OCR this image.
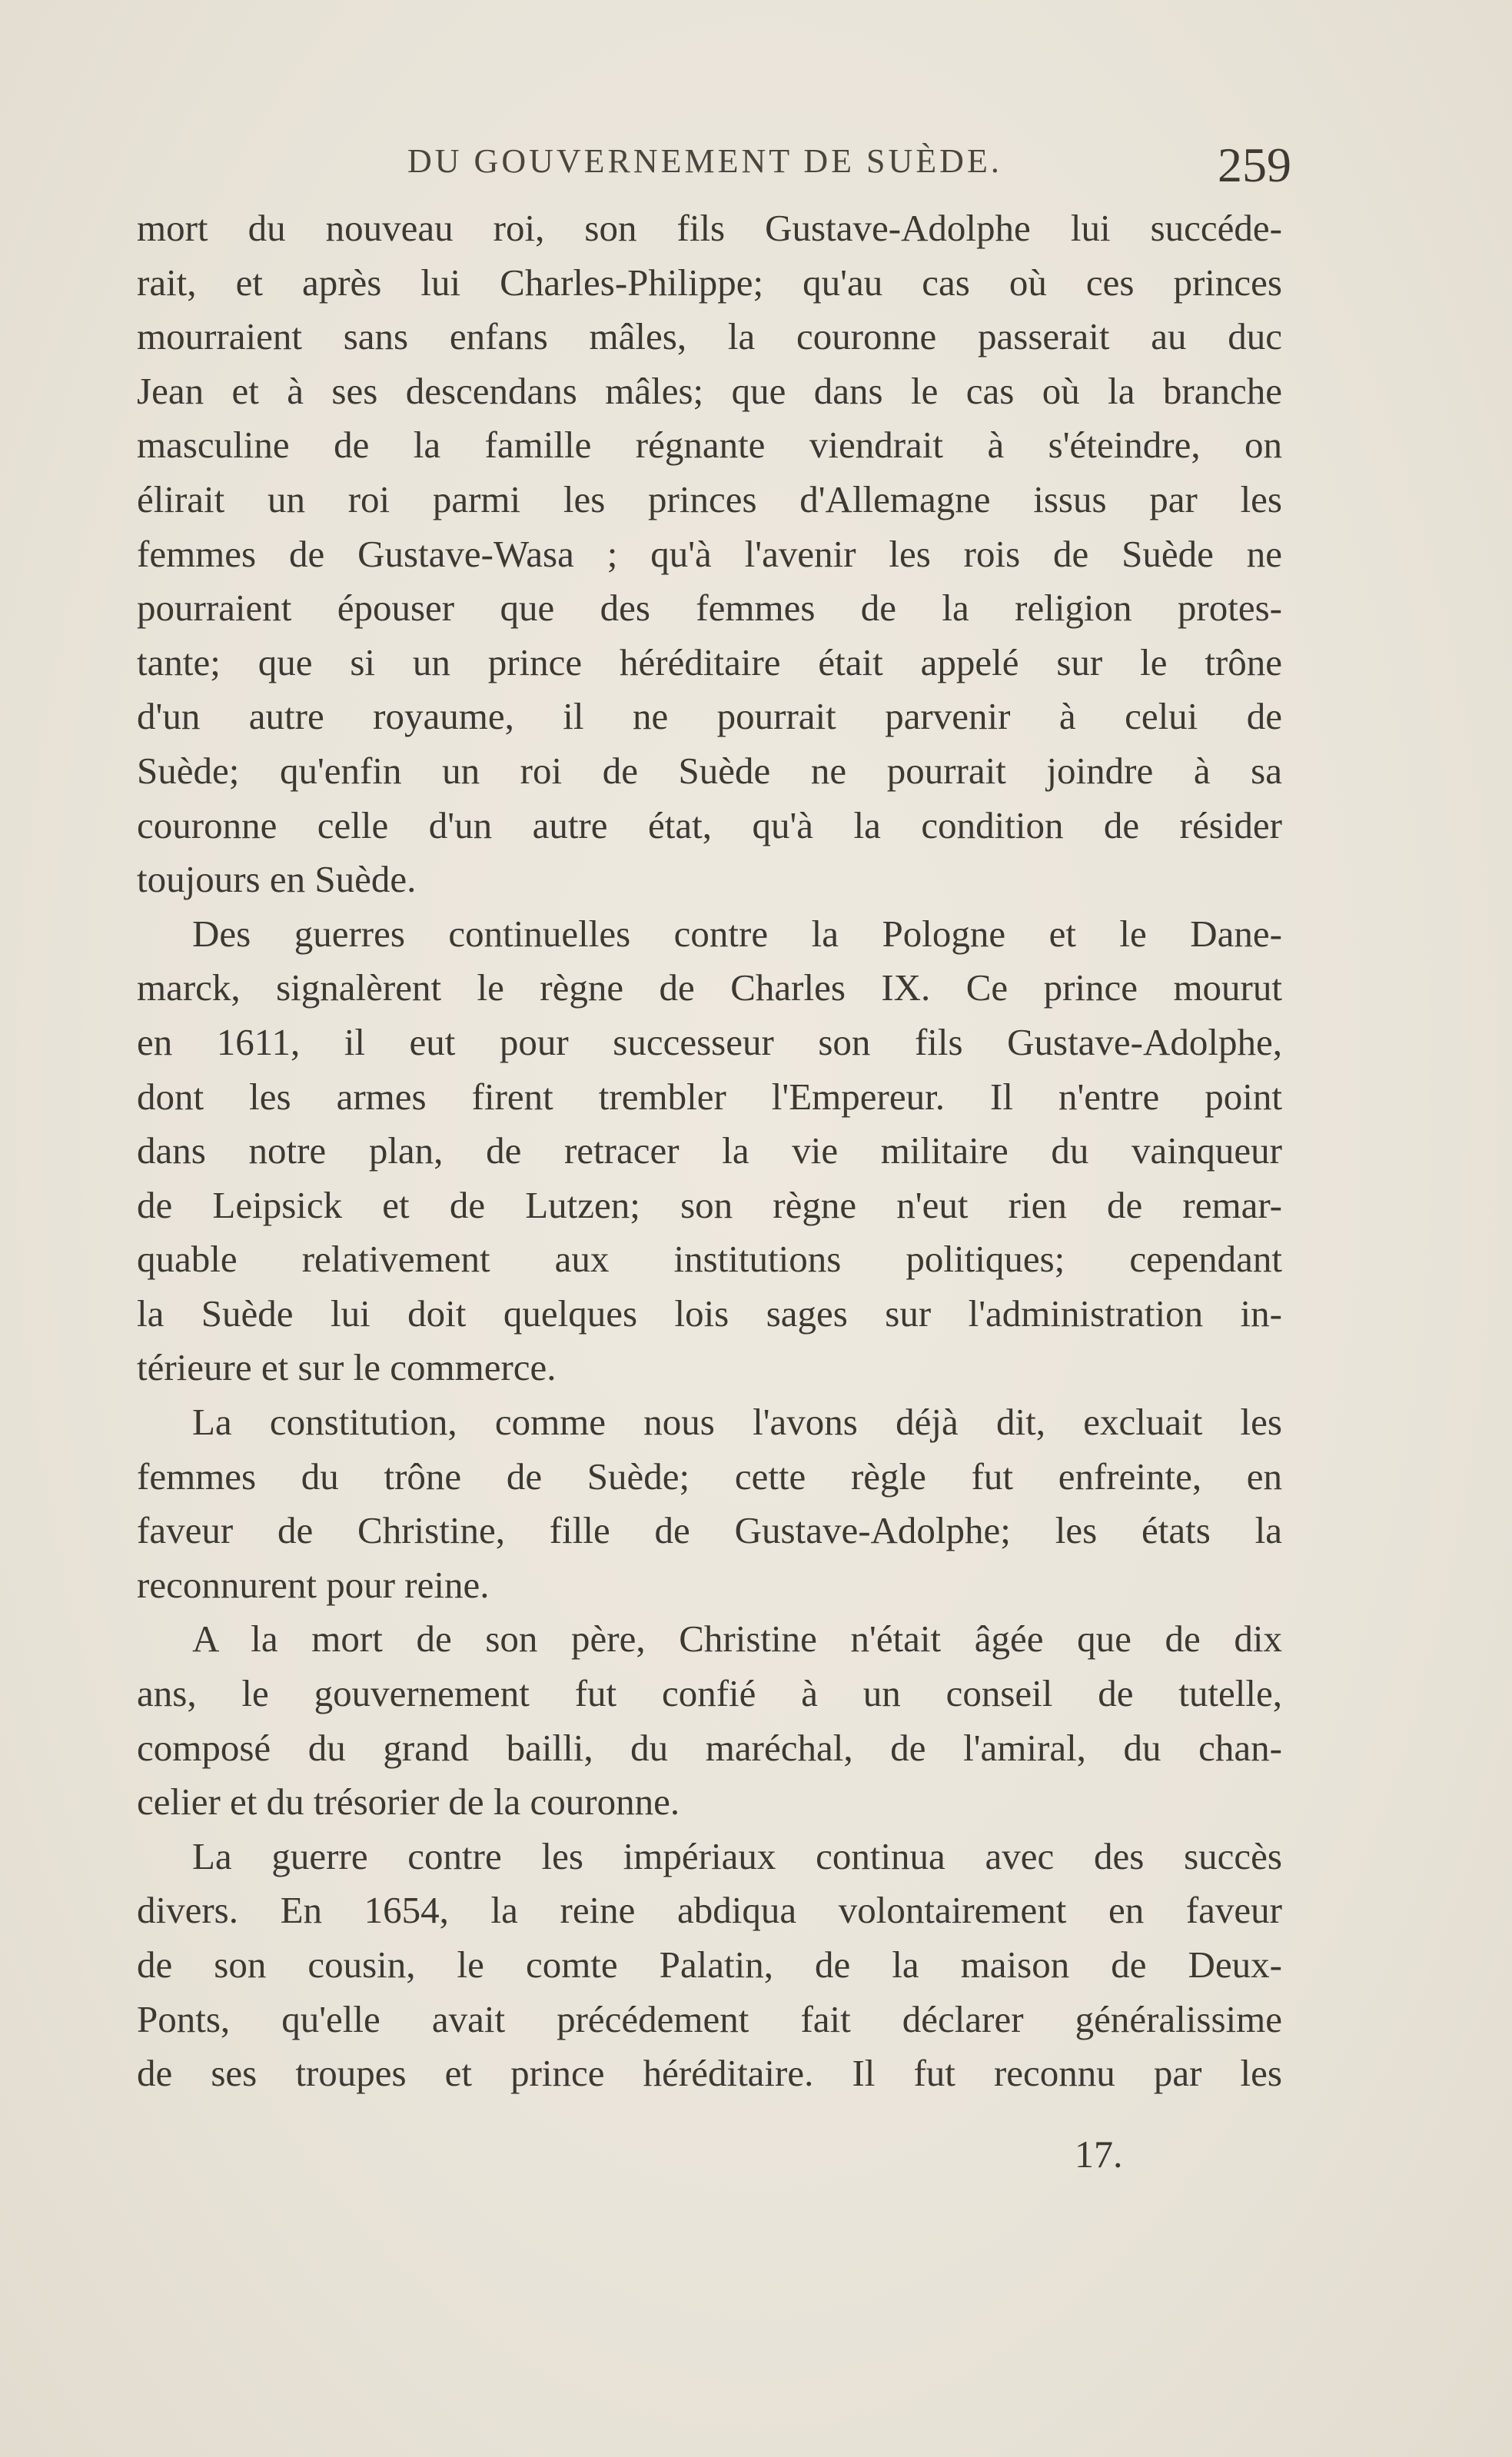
DU GOUVERNEMENT DE SUÈDE.	259
mort du nouveau roi, son fils Gustave-Adolphe lui succéde-
rait, et après lui Charles-Philippe; qu'au cas où ces princes
mourraient sans enfans mâles, la couronne passerait au duc
Jean et à ses descendans mâles; que dans le cas où la branche
masculine de la famille régnante viendrait à s'éteindre, on
élirait un roi parmi les princes d'Allemagne issus par les
femmes de Gustave-Wasa ; qu'à l'avenir les rois de Suède ne
pourraient épouser que des femmes de la religion protes-
tante; que si un prince héréditaire était appelé sur le trône
d'un autre royaume, il ne pourrait parvenir à celui de
Suède; qu'enfin un roi de Suède ne pourrait joindre à sa
couronne celle d'un autre état, qu'à la condition de résider
toujours en Suède.
Des guerres continuelles contre la Pologne et le Dane-
marck, signalèrent le règne de Charles IX. Ce prince mourut
en 1611, il eut pour successeur son fils Gustave-Adolphe,
dont les armes firent trembler l'Empereur. Il n'entre point
dans notre plan, de retracer la vie militaire du vainqueur
de Leipsick et de Lutzen; son règne n'eut rien de remar-
quable relativement aux institutions politiques; cependant
la Suède lui doit quelques lois sages sur l'administration in-
térieure et sur le commerce.
La constitution, comme nous l'avons déjà dit, excluait les
femmes du trône de Suède; cette règle fut enfreinte, en
faveur de Christine, fille de Gustave-Adolphe; les états la
reconnurent pour reine.
A la mort de son père, Christine n'était âgée que de dix
ans, le gouvernement fut confié à un conseil de tutelle,
composé du grand bailli, du maréchal, de l'amiral, du chan-
celier et du trésorier de la couronne.
La guerre contre les impériaux continua avec des succès
divers. En 1654, la reine abdiqua volontairement en faveur
de son cousin, le comte Palatin, de la maison de Deux-
Ponts, qu'elle avait précédement fait déclarer généralissime
de ses troupes et prince héréditaire. Il fut reconnu par les
17.
